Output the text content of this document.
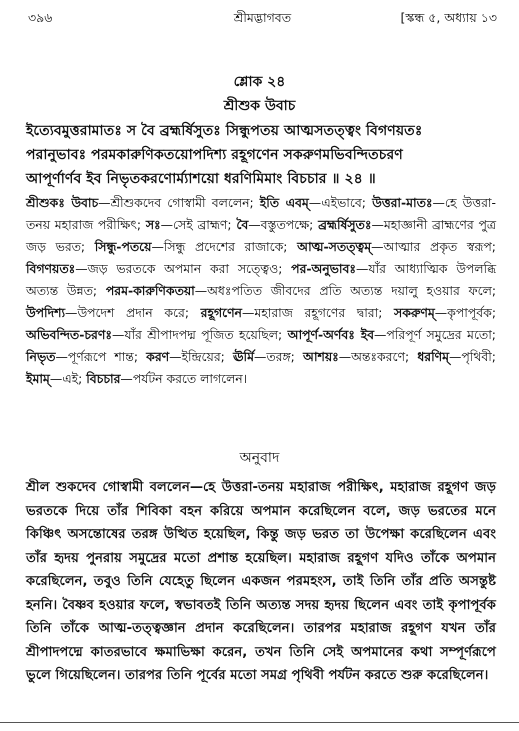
৩৯৬	শ্রীমদ্ভাগবত	[স্কন্ধ ৫, অধ্যায় ১৩
শ্লোক ২৪
শ্রীশুক উবাচ
ইত্যেবমুত্তরামাতঃ স বৈ ব্রহ্মর্ষিসুতঃ সিন্ধুপতয় আত্মসতত্ত্বং বিগণয়তঃ
পরানুভাবঃ পরমকারুণিকতয়োপদিশ্য রহূগণেন সকরুণমভিবন্দিতচরণ
আপূর্ণার্ণব ইব নিভৃতকরণোর্ম্যাশয়ো ধরণিমিমাং বিচচার ॥ ২৪ ॥
শ্রীশুকঃ উবাচ—শ্রীশুকদেব গোস্বামী বললেন; ইতি এবম্—এইভাবে; উত্তরা-মাতঃ—হে উত্তরা-তনয় মহারাজ পরীক্ষিৎ; সঃ—সেই ব্রাহ্মণ; বৈ—বস্তুতপক্ষে; ব্রহ্মর্ষিসুতঃ—মহাজ্ঞানী ব্রাহ্মণের পুত্র জড় ভরত; সিন্ধু-পতয়ে—সিন্ধু প্রদেশের রাজাকে; আত্ম-সতত্ত্বম্—আত্মার প্রকৃত স্বরূপ; বিগণয়তঃ—জড় ভরতকে অপমান করা সত্ত্বেও; পর-অনুভাবঃ—যাঁর আধ্যাত্মিক উপলব্ধি অত্যন্ত উন্নত; পরম-কারুণিকতয়া—অধঃপতিত জীবদের প্রতি অত্যন্ত দয়ালু হওয়ার ফলে; উপদিশ্য—উপদেশ প্রদান করে; রহূগণেন—মহারাজ রহূগণের দ্বারা; সকরুণম্—কৃপাপূর্বক; অভিবন্দিত-চরণঃ—যাঁর শ্রীপাদপদ্ম পূজিত হয়েছিল; আপূর্ণ-অর্ণবঃ ইব—পরিপূর্ণ সমুদ্রের মতো; নিভৃত—পূর্ণরূপে শান্ত; করণ—ইন্দ্রিয়ের; ঊর্মি—তরঙ্গ; আশয়ঃ—অন্তঃকরণে; ধরণিম্—পৃথিবী; ইমাম্—এই; বিচচার—পর্যটন করতে লাগলেন।
অনুবাদ
শ্রীল শুকদেব গোস্বামী বললেন—হে উত্তরা-তনয় মহারাজ পরীক্ষিৎ, মহারাজ রহূগণ জড় ভরতকে দিয়ে তাঁর শিবিকা বহন করিয়ে অপমান করেছিলেন বলে, জড় ভরতের মনে কিঞ্চিৎ অসন্তোষের তরঙ্গ উত্থিত হয়েছিল, কিন্তু জড় ভরত তা উপেক্ষা করেছিলেন এবং তাঁর হৃদয় পুনরায় সমুদ্রের মতো প্রশান্ত হয়েছিল। মহারাজ রহূগণ যদিও তাঁকে অপমান করেছিলেন, তবুও তিনি যেহেতু ছিলেন একজন পরমহংস, তাই তিনি তাঁর প্রতি অসন্তুষ্ট হননি। বৈষ্ণব হওয়ার ফলে, স্বভাবতই তিনি অত্যন্ত সদয় হৃদয় ছিলেন এবং তাই কৃপাপূর্বক তিনি তাঁকে আত্ম-তত্ত্বজ্ঞান প্রদান করেছিলেন। তারপর মহারাজ রহূগণ যখন তাঁর শ্রীপাদপদ্মে কাতরভাবে ক্ষমাভিক্ষা করেন, তখন তিনি সেই অপমানের কথা সম্পূর্ণরূপে ভুলে গিয়েছিলেন। তারপর তিনি পূর্বের মতো সমগ্র পৃথিবী পর্যটন করতে শুরু করেছিলেন।
